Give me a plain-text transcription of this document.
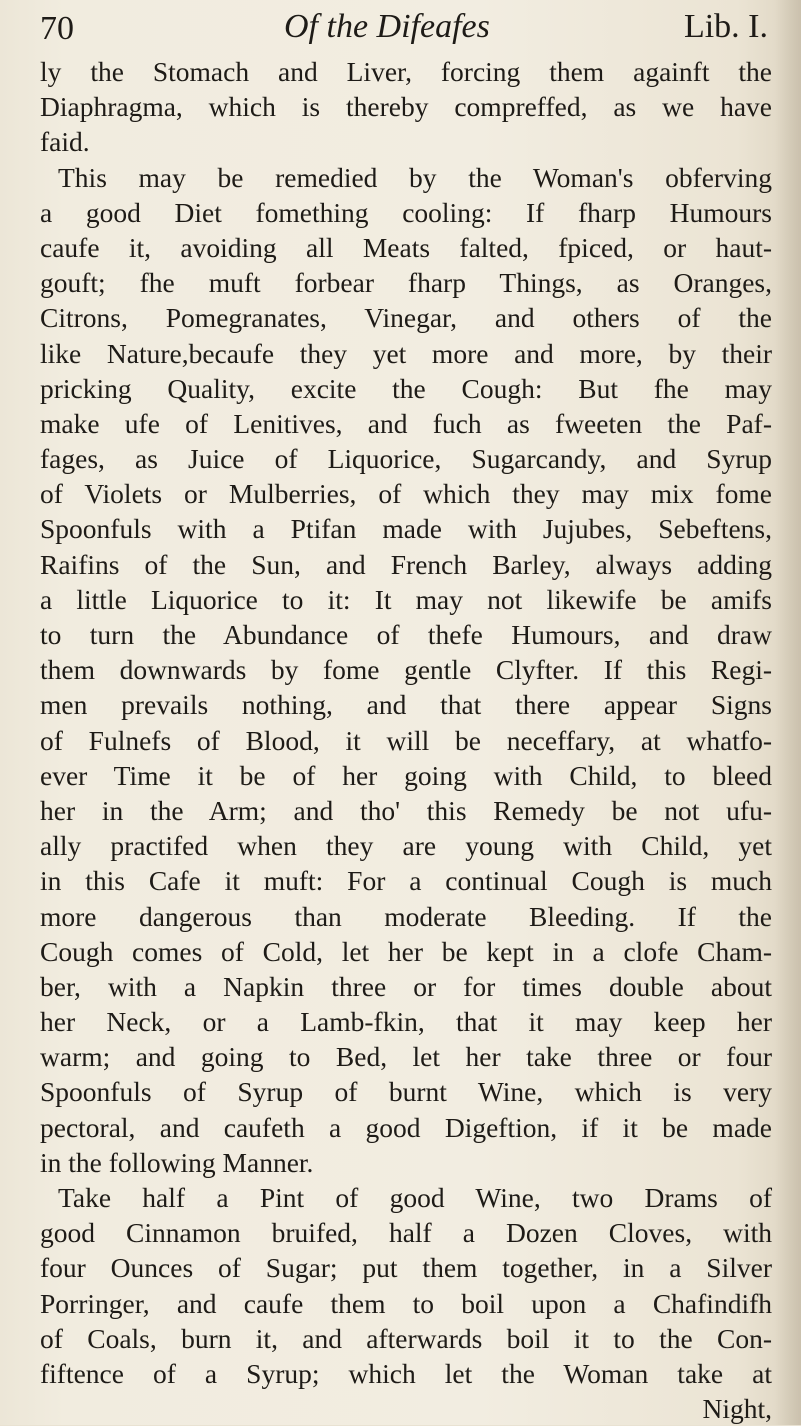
70	Of the Difeafes	Lib. I.
ly the Stomach and Liver, forcing them againft the
Diaphragma, which is thereby compreffed, as we have
faid.
This may be remedied by the Woman's obferving
a good Diet fomething cooling: If fharp Humours
caufe it, avoiding all Meats falted, fpiced, or haut-
gouft; fhe muft forbear fharp Things, as Oranges,
Citrons, Pomegranates, Vinegar, and others of the
like Nature,becaufe they yet more and more, by their
pricking Quality, excite the Cough: But fhe may
make ufe of Lenitives, and fuch as fweeten the Paf-
fages, as Juice of Liquorice, Sugarcandy, and Syrup
of Violets or Mulberries, of which they may mix fome
Spoonfuls with a Ptifan made with Jujubes, Sebeftens,
Raifins of the Sun, and French Barley, always adding
a little Liquorice to it: It may not likewife be amifs
to turn the Abundance of thefe Humours, and draw
them downwards by fome gentle Clyfter. If this Regi-
men prevails nothing, and that there appear Signs
of Fulnefs of Blood, it will be neceffary, at whatfo-
ever Time it be of her going with Child, to bleed
her in the Arm; and tho' this Remedy be not ufu-
ally practifed when they are young with Child, yet
in this Cafe it muft: For a continual Cough is much
more dangerous than moderate Bleeding. If the
Cough comes of Cold, let her be kept in a clofe Cham-
ber, with a Napkin three or for times double about
her Neck, or a Lamb-fkin, that it may keep her
warm; and going to Bed, let her take three or four
Spoonfuls of Syrup of burnt Wine, which is very
pectoral, and caufeth a good Digeftion, if it be made
in the following Manner.
Take half a Pint of good Wine, two Drams of
good Cinnamon bruifed, half a Dozen Cloves, with
four Ounces of Sugar; put them together, in a Silver
Porringer, and caufe them to boil upon a Chafindifh
of Coals, burn it, and afterwards boil it to the Con-
fiftence of a Syrup; which let the Woman take at
Night,
